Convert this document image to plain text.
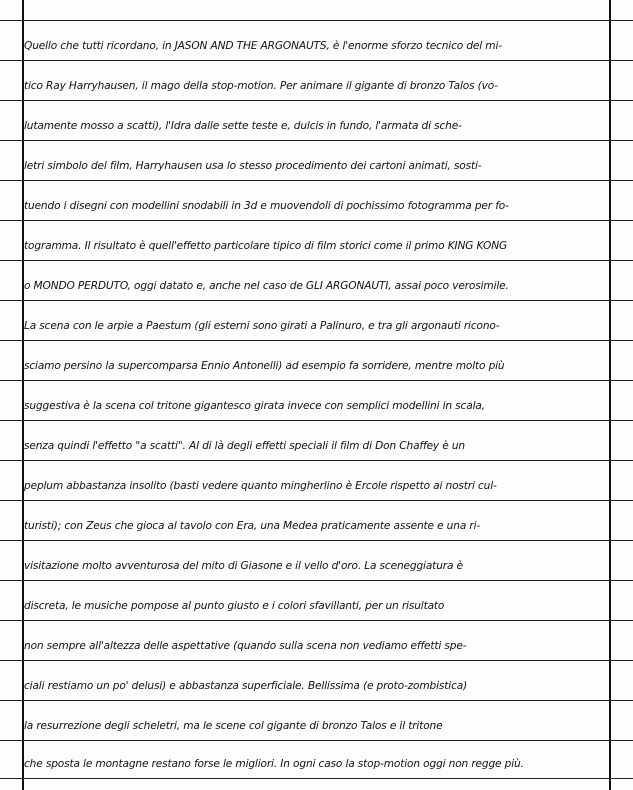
Quello che tutti ricordano, in JASON AND THE ARGONAUTS, è l'enorme sforzo tecnico del mi-
tico Ray Harryhausen, il mago della stop-motion. Per animare il gigante di bronzo Talos (vo-
lutamente mosso a scatti), l'Idra dalle sette teste e, dulcis in fundo, l'armata di sche-
letri simbolo del film, Harryhausen usa lo stesso procedimento dei cartoni animati, sosti-
tuendo i disegni con modellini snodabili in 3d e muovendoli di pochissimo fotogramma per fo-
togramma. Il risultato è quell'effetto particolare tipico di film storici come il primo KING KONG
o MONDO PERDUTO, oggi datato e, anche nel caso de GLI ARGONAUTI, assai poco verosimile.
La scena con le arpie a Paestum (gli esterni sono girati a Palinuro, e tra gli argonauti ricono-
sciamo persino la supercomparsa Ennio Antonelli) ad esempio fa sorridere, mentre molto più
suggestiva è la scena col tritone gigantesco girata invece con semplici modellini in scala,
senza quindi l'effetto "a scatti". Al di là degli effetti speciali il film di Don Chaffey è un
peplum abbastanza insolito (basti vedere quanto mingherlino è Ercole rispetto ai nostri cul-
turisti); con Zeus che gioca al tavolo con Era, una Medea praticamente assente e una ri-
visitazione molto avventurosa del mito di Giasone e il vello d'oro. La sceneggiatura è
discreta, le musiche pompose al punto giusto e i colori sfavillanti, per un risultato
non sempre all'altezza delle aspettative (quando sulla scena non vediamo effetti spe-
ciali restiamo un po' delusi) e abbastanza superficiale. Bellissima (e proto-zombistica)
la resurrezione degli scheletri, ma le scene col gigante di bronzo Talos e il tritone
che sposta le montagne restano forse le migliori. In ogni caso la stop-motion oggi non regge più.
